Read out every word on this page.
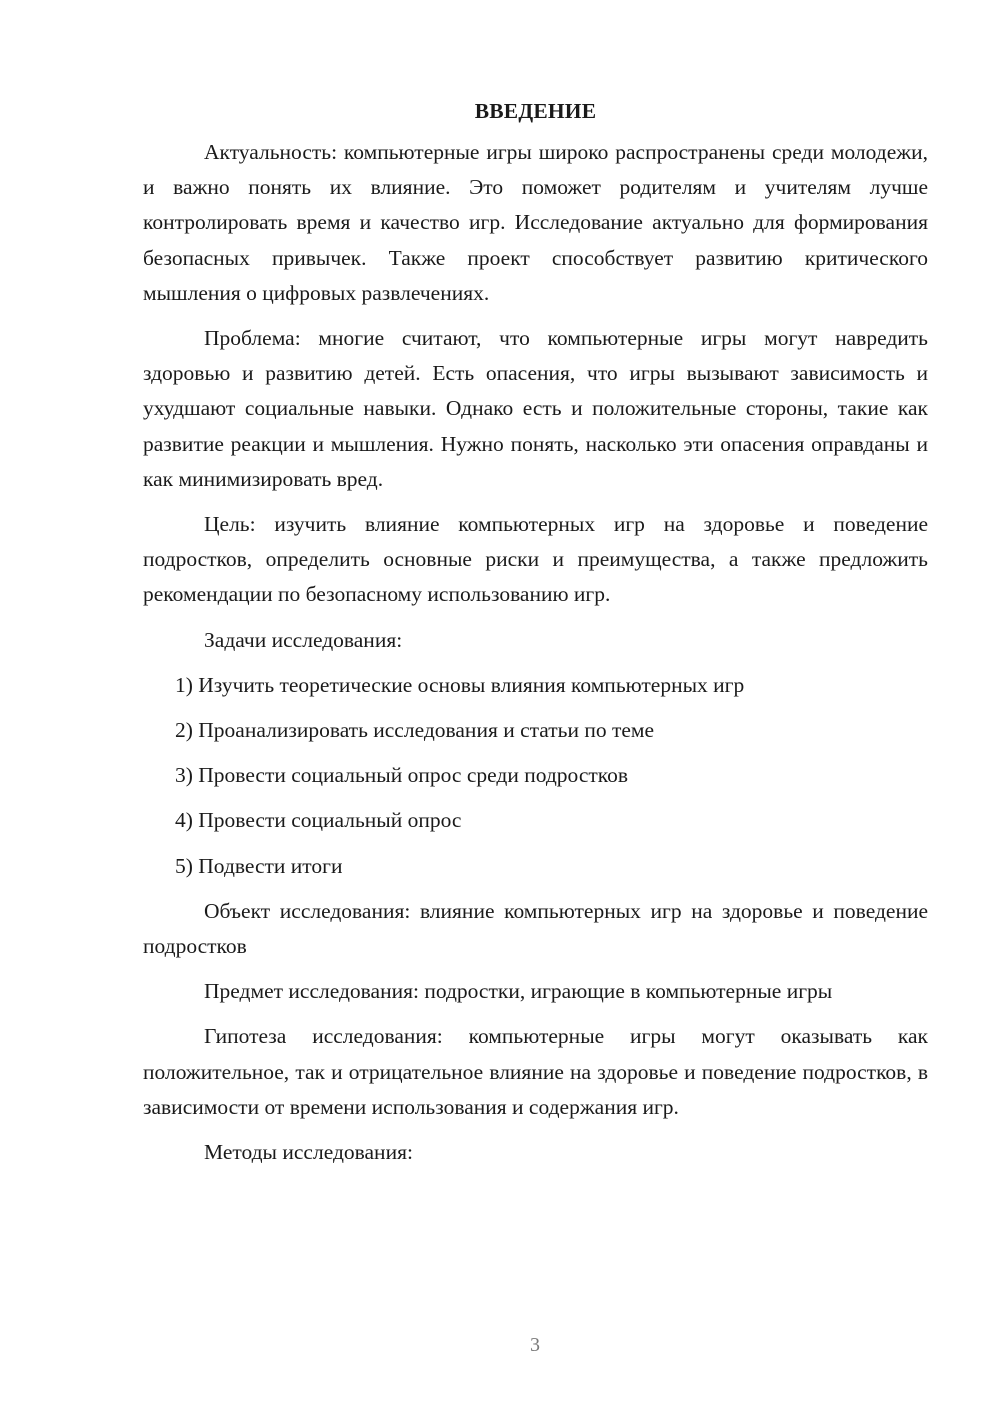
ВВЕДЕНИЕ

Актуальность: компьютерные игры широко распространены среди молодежи, и важно понять их влияние. Это поможет родителям и учителям лучше контролировать время и качество игр. Исследование актуально для формирования безопасных привычек. Также проект способствует развитию критического мышления о цифровых развлечениях.

Проблема: многие считают, что компьютерные игры могут навредить здоровью и развитию детей. Есть опасения, что игры вызывают зависимость и ухудшают социальные навыки. Однако есть и положительные стороны, такие как развитие реакции и мышления. Нужно понять, насколько эти опасения оправданы и как минимизировать вред.

Цель: изучить влияние компьютерных игр на здоровье и поведение подростков, определить основные риски и преимущества, а также предложить рекомендации по безопасному использованию игр.

Задачи исследования:

1) Изучить теоретические основы влияния компьютерных игр
2) Проанализировать исследования и статьи по теме
3) Провести социальный опрос среди подростков
4) Провести социальный опрос
5) Подвести итоги

Объект исследования: влияние компьютерных игр на здоровье и поведение подростков

Предмет исследования: подростки, играющие в компьютерные игры

Гипотеза исследования: компьютерные игры могут оказывать как положительное, так и отрицательное влияние на здоровье и поведение подростков, в зависимости от времени использования и содержания игр.

Методы исследования:

3
